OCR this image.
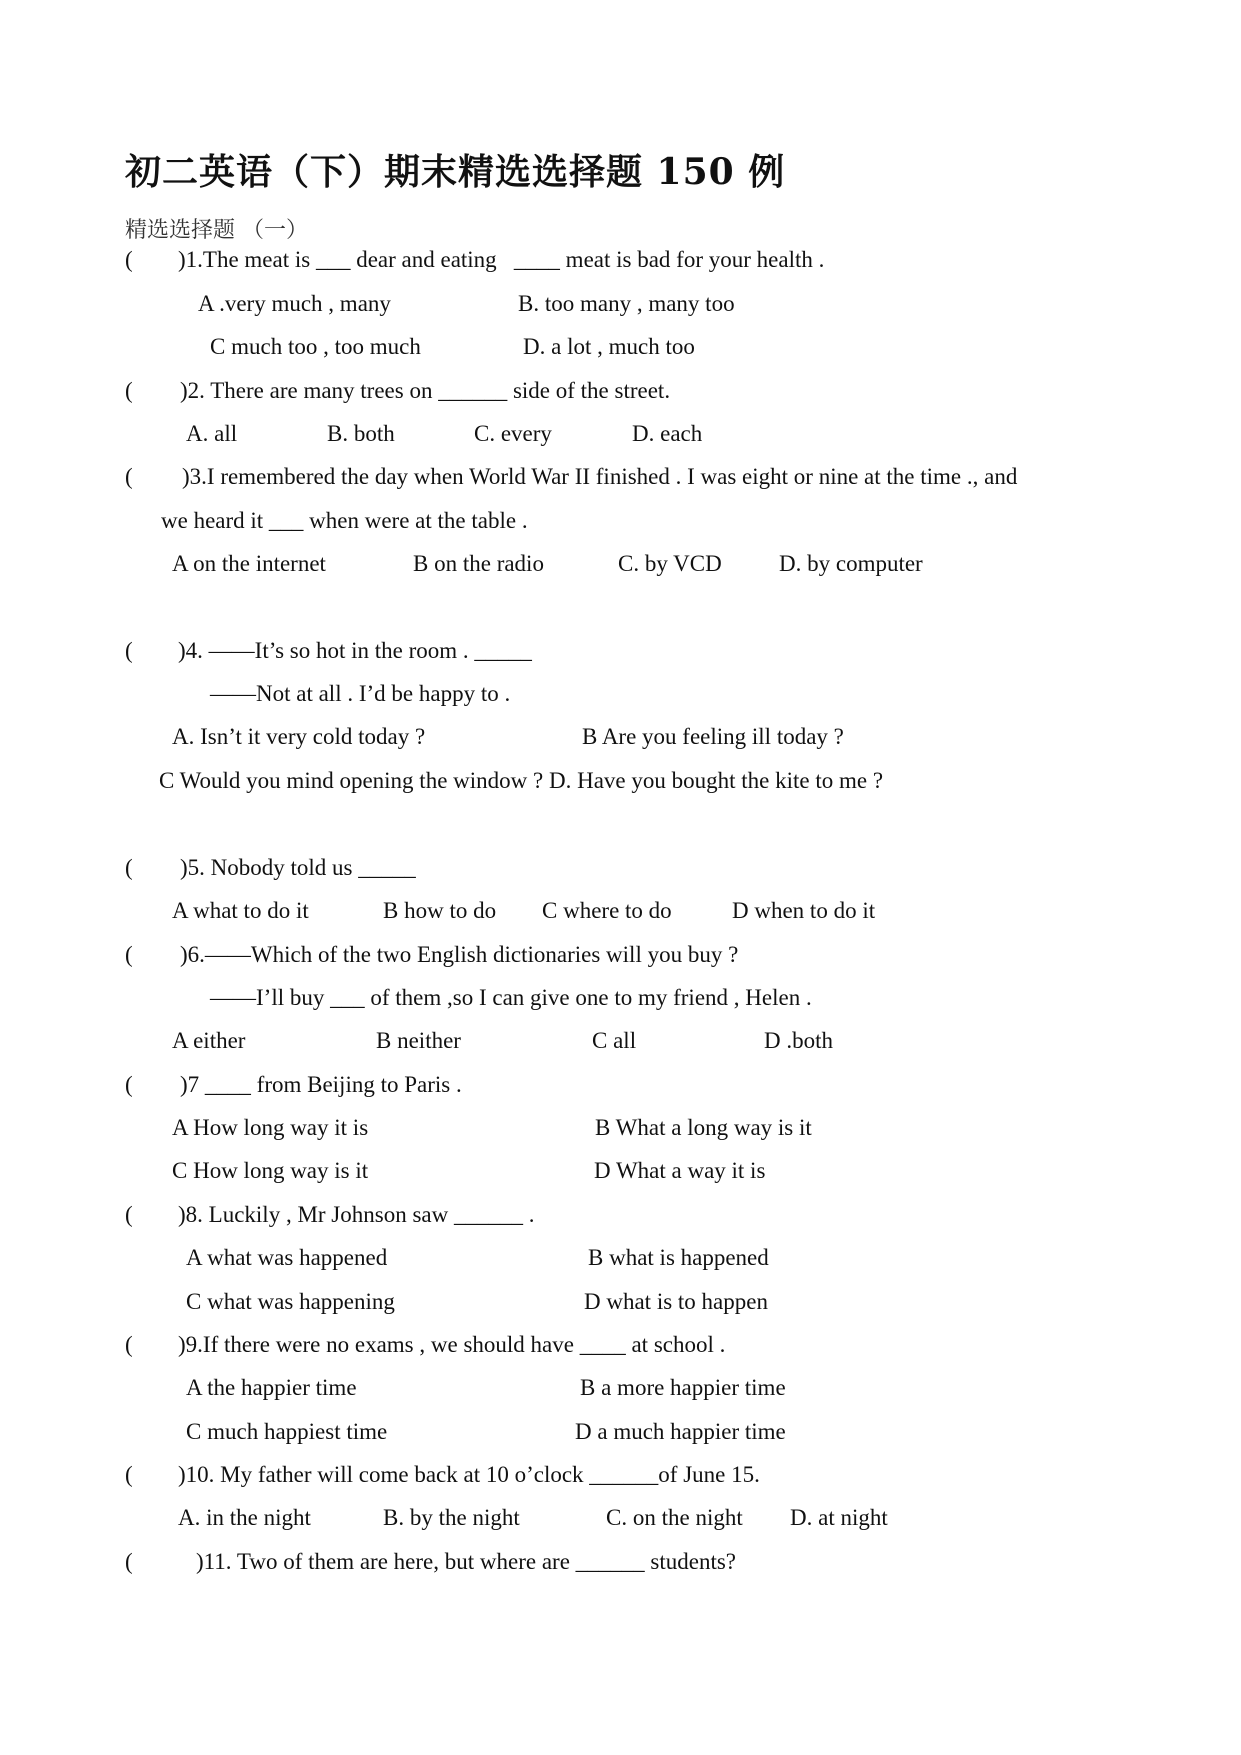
初二英语（下）期末精选选择题 150 例
精选选择题 （一）
( )1.The meat is ___ dear and eating   ____ meat is bad for your health .
A .very much , many	B. too many , many too
C much too , too much	D. a lot , much too
( )2. There are many trees on ______ side of the street.
A. all	B. both	C. every	D. each
( )3.I remembered the day when World War II finished . I was eight or nine at the time ., and
we heard it ___ when were at the table .
A on the internet	B on the radio	C. by VCD D. by computer
( )4. ——It’s so hot in the room . _____
——Not at all . I’d be happy to .
A. Isn’t it very cold today ?	B Are you feeling ill today ?
C Would you mind opening the window ? D. Have you bought the kite to me ?
( )5. Nobody told us _____
A what to do it	B how to do C where to do	D when to do it
( )6.——Which of the two English dictionaries will you buy ?
——I’ll buy ___ of them ,so I can give one to my friend , Helen .
A either	B neither	C all	D .both
( )7 ____ from Beijing to Paris .
A How long way it is	B What a long way is it
C How long way is it	D What a way it is
( )8. Luckily , Mr Johnson saw ______ .
A what was happened	B what is happened
C what was happening	D what is to happen
( )9.If there were no exams , we should have ____ at school .
A the happier time	B a more happier time
C much happiest time	D a much happier time
( )10. My father will come back at 10 o’clock ______of June 15.
A. in the night	B. by the night	C. on the night D. at night
(	)11. Two of them are here, but where are ______ students?
